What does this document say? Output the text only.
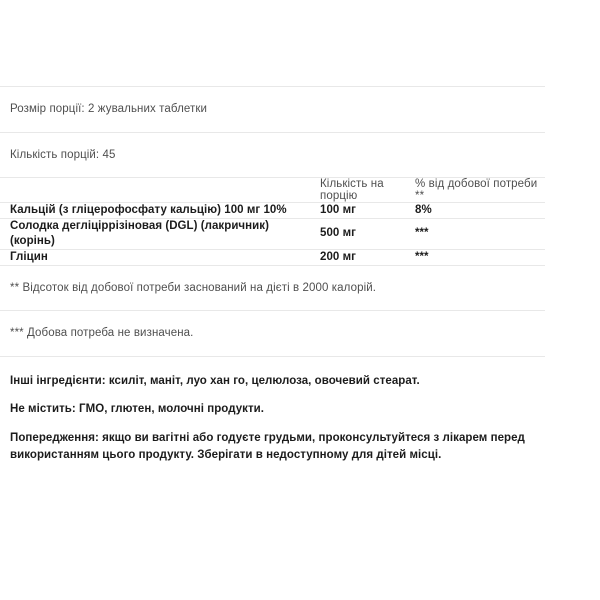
Розмір порції: 2 жувальних таблетки
Кількість порцій: 45
	Кількість на порцію	% від добової потреби **
Кальцій (з гліцерофосфату кальцію) 100 мг 10%	100 мг	8%
Солодка дегліціррізіновая (DGL) (лакричник) (корінь)	500 мг	***
Гліцин	200 мг	***
** Відсоток від добової потреби заснований на дієті в 2000 калорій.
*** Добова потреба не визначена.

Інші інгредієнти: ксиліт, маніт, луо хан го, целюлоза, овочевий стеарат.

Не містить: ГМО, глютен, молочні продукти.

Попередження: якщо ви вагітні або годуєте грудьми, проконсультуйтеся з лікарем перед використанням цього продукту. Зберігати в недоступному для дітей місці.
